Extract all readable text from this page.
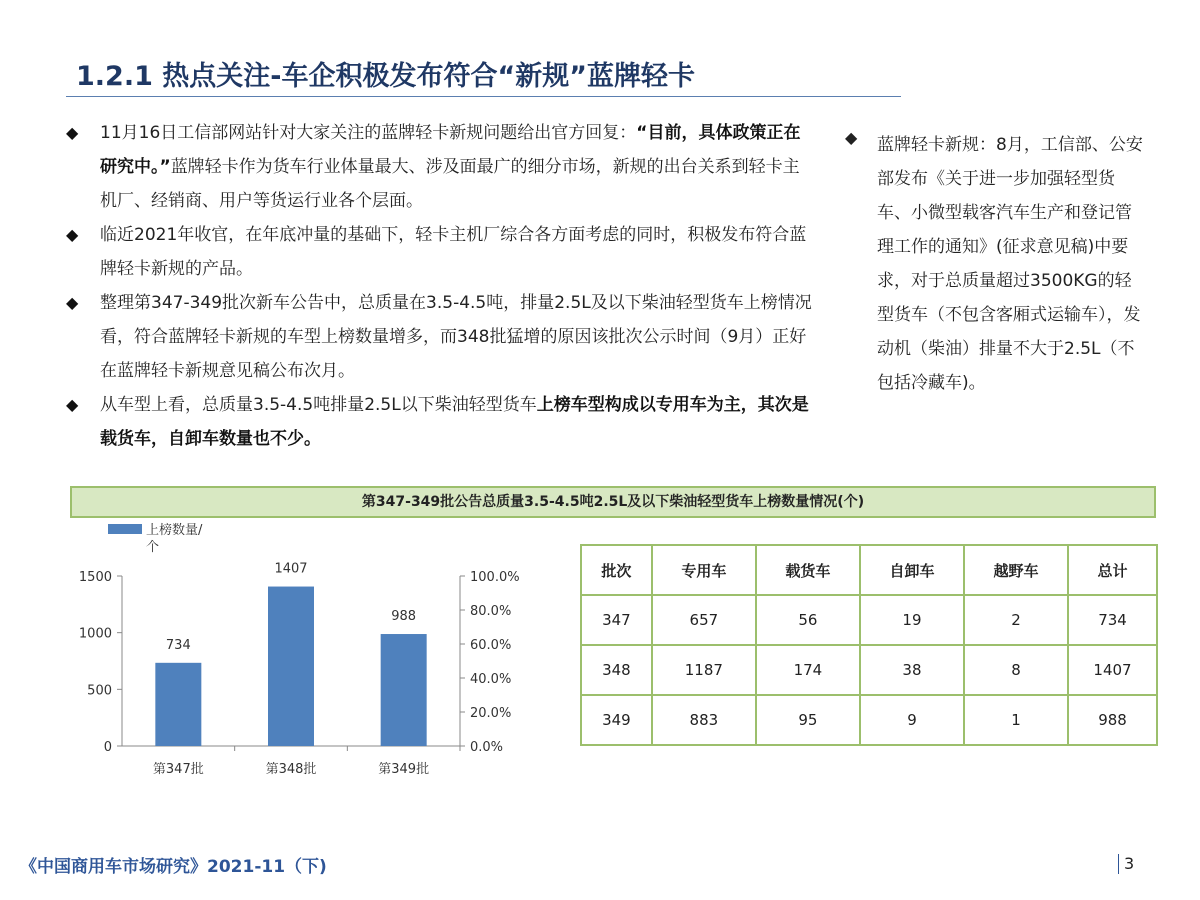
1.2.1 热点关注-车企积极发布符合“新规”蓝牌轻卡
◆ 11月16日工信部网站针对大家关注的蓝牌轻卡新规问题给出官方回复：“目前，具体政策正在研究中。”蓝牌轻卡作为货车行业体量最大、涉及面最广的细分市场，新规的出台关系到轻卡主机厂、经销商、用户等货运行业各个层面。
◆ 临近2021年收官，在年底冲量的基础下，轻卡主机厂综合各方面考虑的同时，积极发布符合蓝牌轻卡新规的产品。
◆ 整理第347-349批次新车公告中，总质量在3.5-4.5吨，排量2.5L及以下柴油轻型货车上榜情况看，符合蓝牌轻卡新规的车型上榜数量增多，而348批猛增的原因该批次公示时间（9月）正好在蓝牌轻卡新规意见稿公布次月。
◆ 从车型上看，总质量3.5-4.5吨排量2.5L以下柴油轻型货车上榜车型构成以专用车为主，其次是载货车，自卸车数量也不少。
◆	蓝牌轻卡新规：8月，工信部、公安部发布《关于进一步加强轻型货车、小微型载客汽车生产和登记管理工作的通知》(征求意见稿)中要求，对于总质量超过3500KG的轻型货车（不包含客厢式运输车），发动机（柴油）排量不大于2.5L（不包括冷藏车)。

第347-349批公告总质量3.5-4.5吨2.5L及以下柴油轻型货车上榜数量情况(个)
上榜数量/
个
0
500
1000
1500
0.0%
20.0%
40.0%
60.0%
80.0%
100.0%
734
第347批
1407
第348批
988
第349批
批次	专用车	载货车	自卸车	越野车	总计
347	657	56	19	2	734
348	1187	174	38	8	1407
349	883	95	9	1	988
《中国商用车市场研究》2021-11（下)	3
